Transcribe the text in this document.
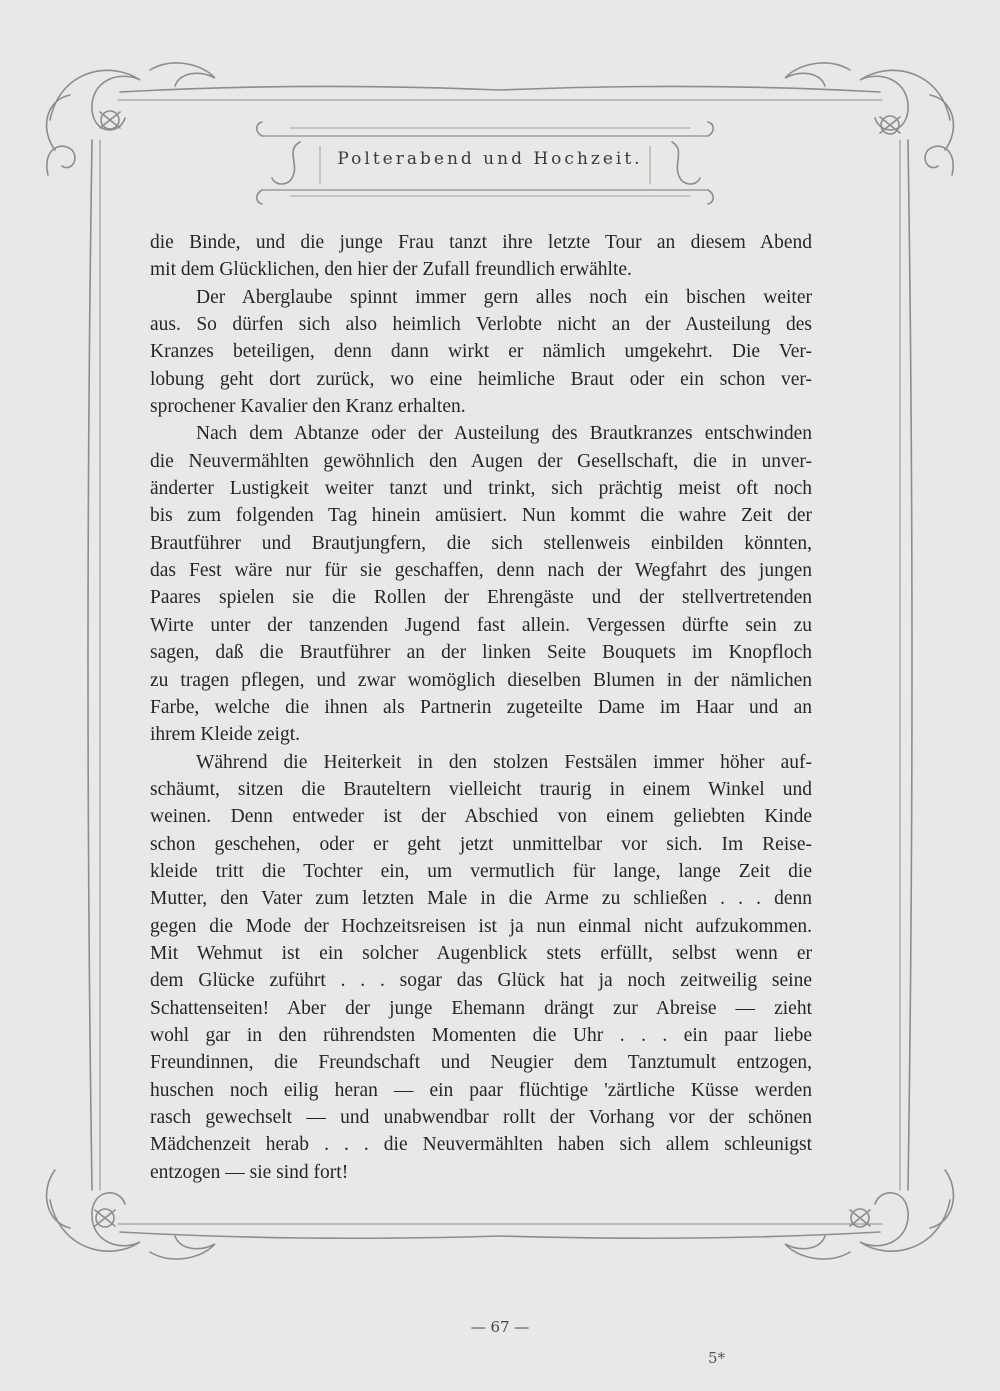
Polterabend und Hochzeit.
die Binde, und die junge Frau tanzt ihre letzte Tour an diesem Abend
mit dem Glücklichen, den hier der Zufall freundlich erwählte.
Der Aberglaube spinnt immer gern alles noch ein bischen weiter
aus. So dürfen sich also heimlich Verlobte nicht an der Austeilung des
Kranzes beteiligen, denn dann wirkt er nämlich umgekehrt. Die Ver-
lobung geht dort zurück, wo eine heimliche Braut oder ein schon ver-
sprochener Kavalier den Kranz erhalten.
Nach dem Abtanze oder der Austeilung des Brautkranzes entschwinden
die Neuvermählten gewöhnlich den Augen der Gesellschaft, die in unver-
änderter Lustigkeit weiter tanzt und trinkt, sich prächtig meist oft noch
bis zum folgenden Tag hinein amüsiert. Nun kommt die wahre Zeit der
Brautführer und Brautjungfern, die sich stellenweis einbilden könnten,
das Fest wäre nur für sie geschaffen, denn nach der Wegfahrt des jungen
Paares spielen sie die Rollen der Ehrengäste und der stellvertretenden
Wirte unter der tanzenden Jugend fast allein. Vergessen dürfte sein zu
sagen, daß die Brautführer an der linken Seite Bouquets im Knopfloch
zu tragen pflegen, und zwar womöglich dieselben Blumen in der nämlichen
Farbe, welche die ihnen als Partnerin zugeteilte Dame im Haar und an
ihrem Kleide zeigt.
Während die Heiterkeit in den stolzen Festsälen immer höher auf-
schäumt, sitzen die Brauteltern vielleicht traurig in einem Winkel und
weinen. Denn entweder ist der Abschied von einem geliebten Kinde
schon geschehen, oder er geht jetzt unmittelbar vor sich. Im Reise-
kleide tritt die Tochter ein, um vermutlich für lange, lange Zeit die
Mutter, den Vater zum letzten Male in die Arme zu schließen . . . denn
gegen die Mode der Hochzeitsreisen ist ja nun einmal nicht aufzukommen.
Mit Wehmut ist ein solcher Augenblick stets erfüllt, selbst wenn er
dem Glücke zuführt . . . sogar das Glück hat ja noch zeitweilig seine
Schattenseiten! Aber der junge Ehemann drängt zur Abreise — zieht
wohl gar in den rührendsten Momenten die Uhr . . . ein paar liebe
Freundinnen, die Freundschaft und Neugier dem Tanztumult entzogen,
huschen noch eilig heran — ein paar flüchtige 'zärtliche Küsse werden
rasch gewechselt — und unabwendbar rollt der Vorhang vor der schönen
Mädchenzeit herab . . . die Neuvermählten haben sich allem schleunigst
entzogen — sie sind fort!
— 67 —
5*
